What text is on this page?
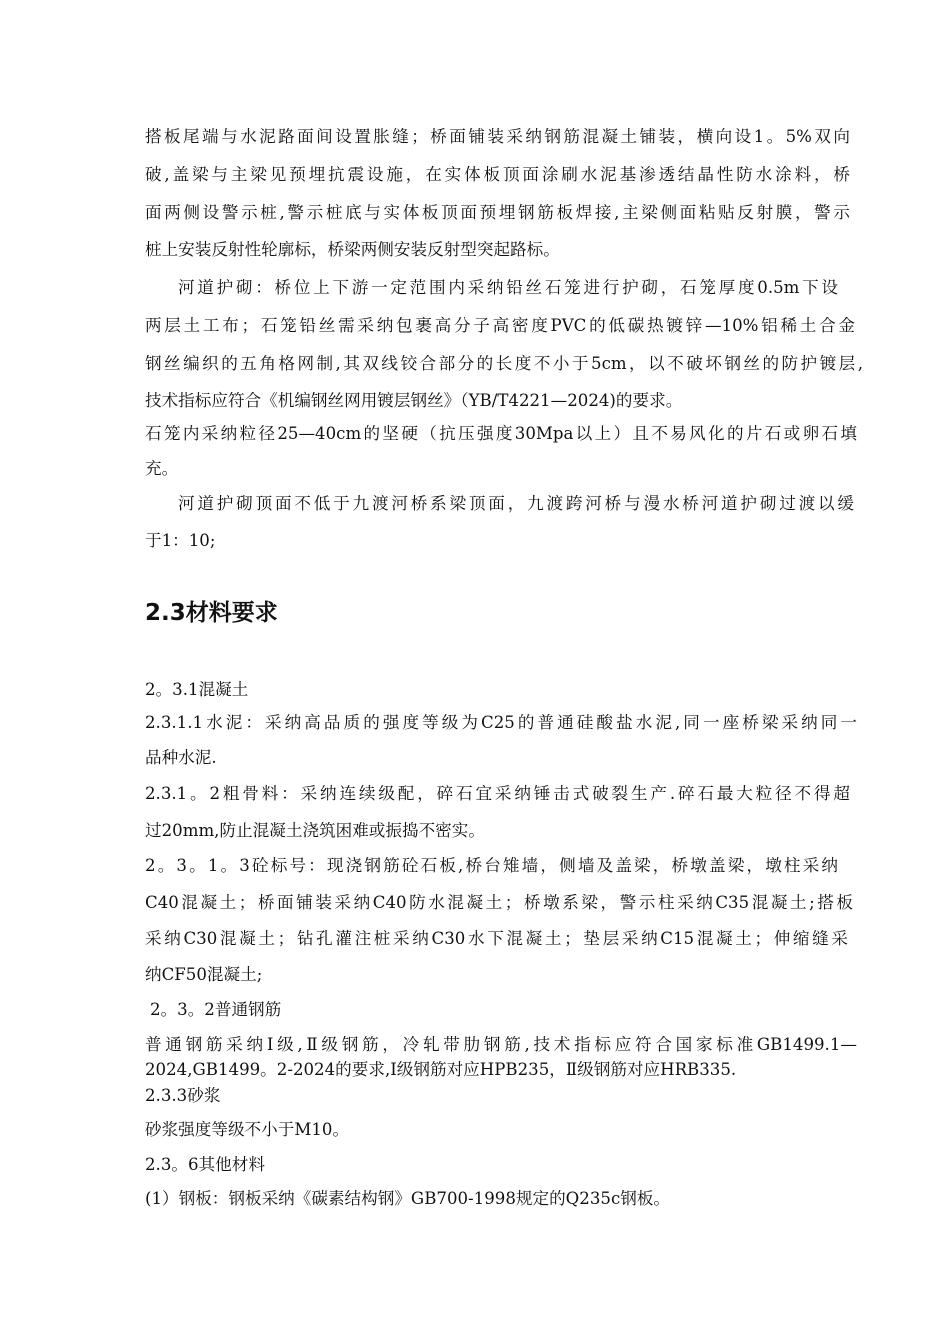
搭板尾端与水泥路面间设置胀缝；桥面铺装采纳钢筋混凝土铺装，横向设1。5%双向
破,盖梁与主梁见预埋抗震设施，在实体板顶面涂刷水泥基渗透结晶性防水涂料，桥
面两侧设警示桩,警示桩底与实体板顶面预埋钢筋板焊接,主梁侧面粘贴反射膜，警示
桩上安装反射性轮廓标，桥梁两侧安装反射型突起路标。
河道护砌：桥位上下游一定范围内采纳铅丝石笼进行护砌，石笼厚度0.5m下设
两层土工布；石笼铅丝需采纳包裹高分子高密度PVC的低碳热镀锌—10%铝稀土合金
钢丝编织的五角格网制,其双线铰合部分的长度不小于5cm，以不破坏钢丝的防护镀层,
技术指标应符合《机编钢丝网用镀层钢丝》（YB/T4221—2024)的要求。
石笼内采纳粒径25—40cm的坚硬（抗压强度30Mpa以上）且不易风化的片石或卵石填
充。
河道护砌顶面不低于九渡河桥系梁顶面，九渡跨河桥与漫水桥河道护砌过渡以缓
于1：10;
2.3材料要求
2。3.1混凝土
2.3.1.1水泥：采纳高品质的强度等级为C25的普通硅酸盐水泥,同一座桥梁采纳同一
品种水泥.
2.3.1。2粗骨料：采纳连续级配，碎石宜采纳锤击式破裂生产.碎石最大粒径不得超
过20mm,防止混凝土浇筑困难或振捣不密实。
2。3。1。3砼标号：现浇钢筋砼石板,桥台雉墙，侧墙及盖梁，桥墩盖梁，墩柱采纳
C40混凝土；桥面铺装采纳C40防水混凝土；桥墩系梁，警示柱采纳C35混凝土;搭板
采纳C30混凝土；钻孔灌注桩采纳C30水下混凝土；垫层采纳C15混凝土；伸缩缝采
纳CF50混凝土;
2。3。2普通钢筋
普通钢筋采纳Ⅰ级,Ⅱ级钢筋，冷轧带肋钢筋,技术指标应符合国家标准GB1499.1—
2024,GB1499。2-2024的要求,Ⅰ级钢筋对应HPB235，Ⅱ级钢筋对应HRB335.
2.3.3砂浆
砂浆强度等级不小于M10。
2.3。6其他材料
(1）钢板：钢板采纳《碳素结构钢》GB700-1998规定的Q235c钢板。
